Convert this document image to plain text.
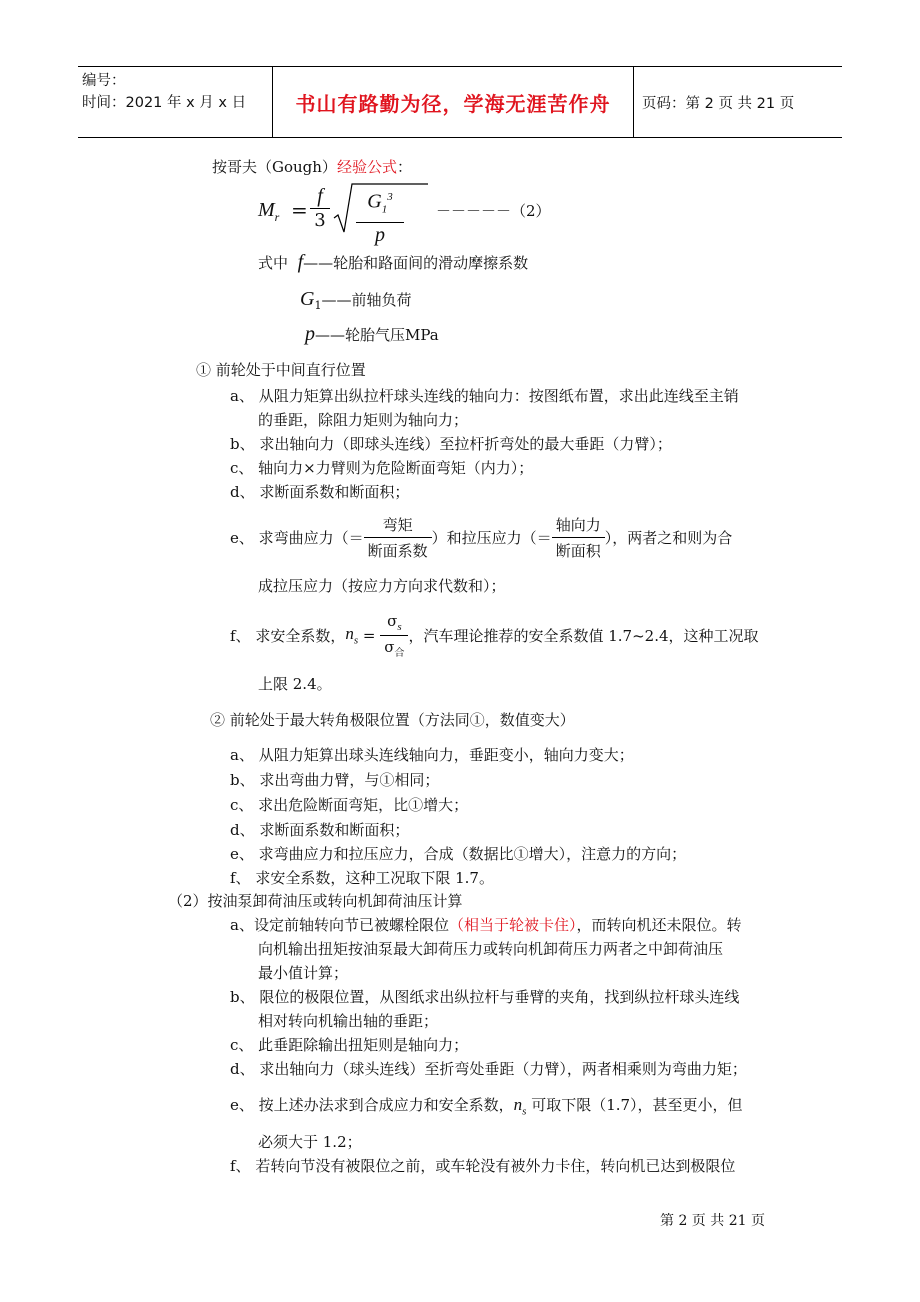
编号：
时间：2021 年 x 月 x 日	书山有路勤为径，学海无涯苦作舟	页码：第 2 页 共 21 页
按哥夫（Gough）经验公式：
$M_r$ =
f
3
$G_1^3$
p
－－－－－（2）
式中 f——轮胎和路面间的滑动摩擦系数
$G_1——$前轴负荷
p——轮胎气压MPa
① 前轮处于中间直行位置
a、 从阻力矩算出纵拉杆球头连线的轴向力：按图纸布置，求出此连线至主销
的垂距，除阻力矩则为轴向力；
b、 求出轴向力（即球头连线）至拉杆折弯处的最大垂距（力臂）；
c、 轴向力×力臂则为危险断面弯矩（内力）；
d、 求断面系数和断面积；
e、 求弯曲应力（＝ $\frac{\text{弯矩}}{\text{断面系数}}$ ）和拉压应力（＝ $\frac{\text{轴向力}}{\text{断面积}}$ ），两者之和则为合
成拉压应力（按应力方向求代数和）；
f、 求安全系数，$n_s = \frac{\sigma_s}{\sigma_合}$ ，汽车理论推荐的安全系数值 1.7~2.4，这种工况取
上限 2.4。
② 前轮处于最大转角极限位置（方法同①，数值变大）
a、 从阻力矩算出球头连线轴向力，垂距变小，轴向力变大；
b、 求出弯曲力臂，与①相同；
c、 求出危险断面弯矩，比①增大；
d、 求断面系数和断面积；
e、 求弯曲应力和拉压应力，合成（数据比①增大），注意力的方向；
f、 求安全系数，这种工况取下限 1.7。
（2）按油泵卸荷油压或转向机卸荷油压计算
a、设定前轴转向节已被螺栓限位（相当于轮被卡住），而转向机还未限位。转
向机输出扭矩按油泵最大卸荷压力或转向机卸荷压力两者之中卸荷油压
最小值计算；
b、 限位的极限位置，从图纸求出纵拉杆与垂臂的夹角，找到纵拉杆球头连线
相对转向机输出轴的垂距；
c、 此垂距除输出扭矩则是轴向力；
d、 求出轴向力（球头连线）至折弯处垂距（力臂），两者相乘则为弯曲力矩；
e、 按上述办法求到合成应力和安全系数，$n_s$ 可取下限（1.7），甚至更小，但
必须大于 1.2；
f、 若转向节没有被限位之前，或车轮没有被外力卡住，转向机已达到极限位
第 2 页 共 21 页
